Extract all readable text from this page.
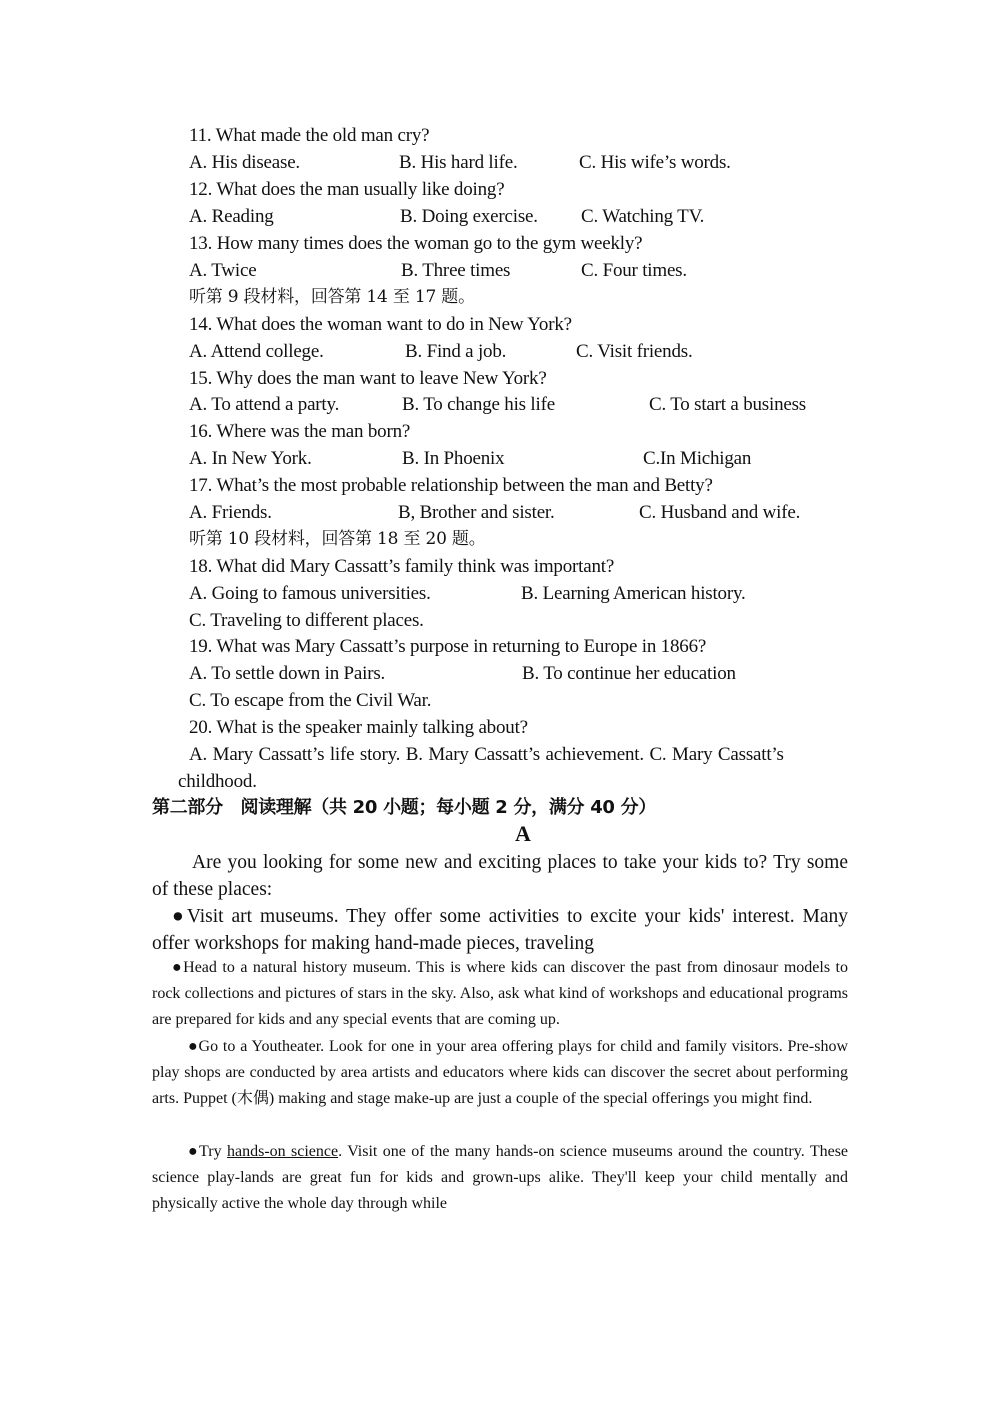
11. What made the old man cry?
A. His disease.	B. His hard life.	C. His wife’s words.
12. What does the man usually like doing?
A. Reading	B. Doing exercise. C. Watching TV.
13. How many times does the woman go to the gym weekly?
A. Twice	B. Three times	C. Four times.
听第 9 段材料，回答第 14 至 17 题。
14. What does the woman want to do in New York?
A. Attend college.	B. Find a job.	C. Visit friends.
15. Why does the man want to leave New York?
A. To attend a party.	B. To change his life	C. To start a business
16. Where was the man born?
A. In New York.	B. In Phoenix	C.In Michigan
17. What’s the most probable relationship between the man and Betty?
A. Friends.	B, Brother and sister.	C. Husband and wife.
听第 10 段材料，回答第 18 至 20 题。
18. What did Mary Cassatt’s family think was important?
A. Going to famous universities.	B. Learning American history.
C. Traveling to different places.
19. What was Mary Cassatt’s purpose in returning to Europe in 1866?
A. To settle down in Pairs.	B. To continue her education
C. To escape from the Civil War.
20. What is the speaker mainly talking about?
A. Mary Cassatt’s life story. B. Mary Cassatt’s achievement. C. Mary Cassatt’s
childhood.
第二部分　阅读理解（共 20 小题；每小题 2 分，满分 40 分）
A

Are you looking for some new and exciting places to take your kids to? Try some of these places:

●Visit art museums. They offer some activities to excite your kids' interest. Many offer workshops for making hand-made pieces, traveling

●Head to a natural history museum. This is where kids can discover the past from dinosaur models to rock collections and pictures of stars in the sky. Also, ask what kind of workshops and educational programs are prepared for kids and any special events that are coming up.

●Go to a Youtheater. Look for one in your area offering plays for child and family visitors. Pre-show play shops are conducted by area artists and educators where kids can discover the secret about performing arts. Puppet (木偶) making and stage make-up are just a couple of the special offerings you might find.

●Try hands-on science. Visit one of the many hands-on science museums around the country. These science play-lands are great fun for kids and grown-ups alike. They'll keep your child mentally and physically active the whole day through while
